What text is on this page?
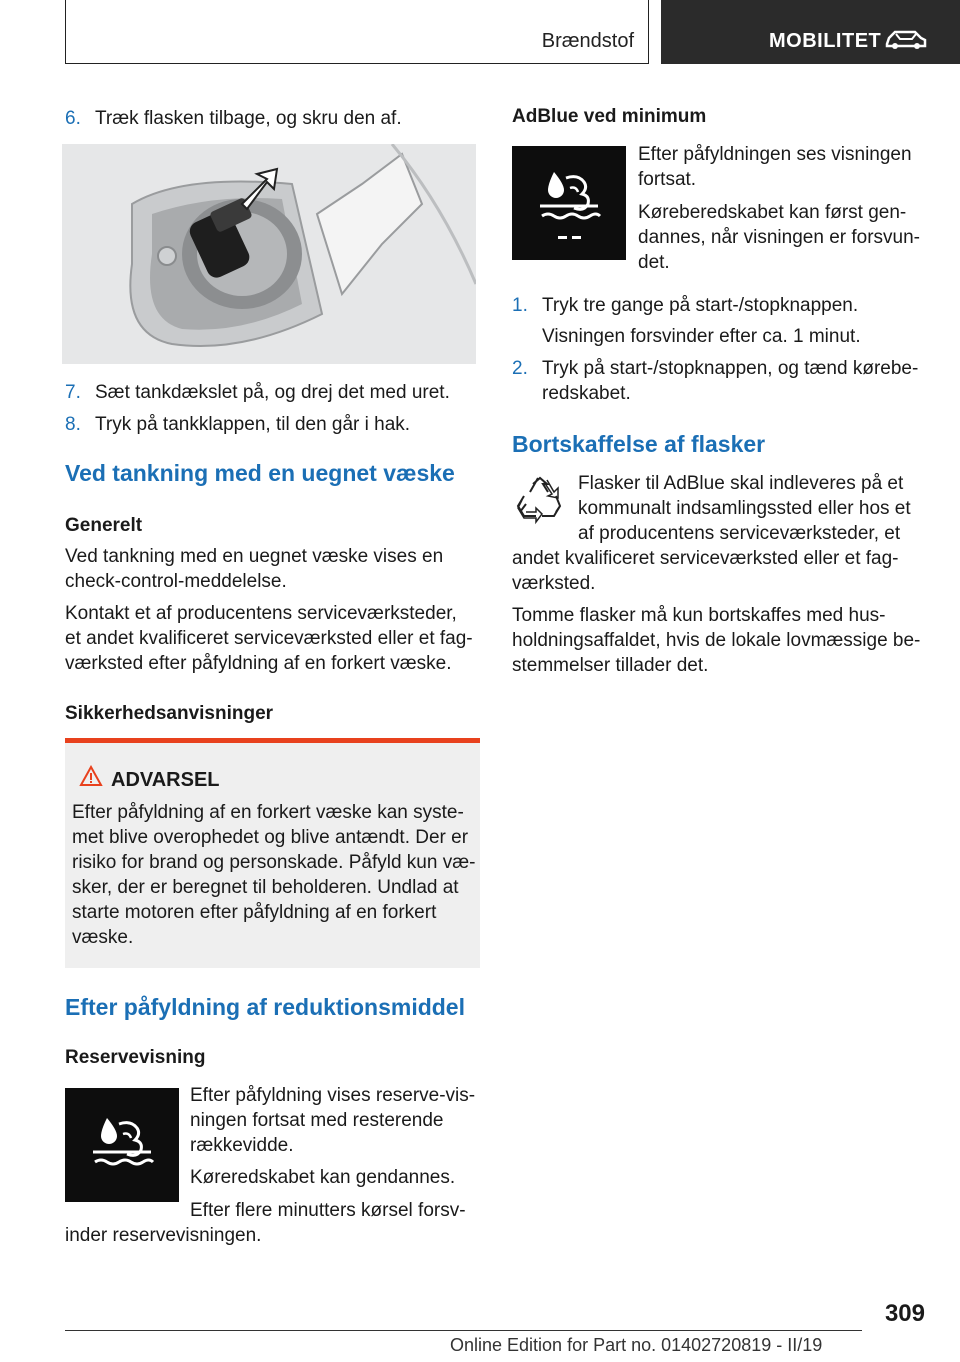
Brændstof	MOBILITET
6. Træk flasken tilbage, og skru den af.
7. Sæt tankdækslet på, og drej det med uret.
8. Tryk på tankklappen, til den går i hak.
Ved tankning med en uegnet væske
Generelt
Ved tankning med en uegnet væske vises en
check-control-meddelelse.
Kontakt et af producentens serviceværksteder,
et andet kvalificeret serviceværksted eller et fag-
værksted efter påfyldning af en forkert væske.
Sikkerhedsanvisninger
ADVARSEL
Efter påfyldning af en forkert væske kan syste-
met blive overophedet og blive antændt. Der er
risiko for brand og personskade. Påfyld kun væ-
sker, der er beregnet til beholderen. Undlad at
starte motoren efter påfyldning af en forkert
væske.
Efter påfyldning af reduktionsmiddel
Reservevisning
Efter påfyldning vises reserve-vis-
ningen fortsat med resterende
rækkevidde.
Køreredskabet kan gendannes.
Efter flere minutters kørsel forsv-
inder reservevisningen.
AdBlue ved minimum
Efter påfyldningen ses visningen
fortsat.
Køreberedskabet kan først gen-
dannes, når visningen er forsvun-
det.
1. Tryk tre gange på start-/stopknappen.
Visningen forsvinder efter ca. 1 minut.
2. Tryk på start-/stopknappen, og tænd kørebe-
redskabet.
Bortskaffelse af flasker
Flasker til AdBlue skal indleveres på et
kommunalt indsamlingssted eller hos et
af producentens serviceværksteder, et
andet kvalificeret serviceværksted eller et fag-
værksted.
Tomme flasker må kun bortskaffes med hus-
holdningsaffaldet, hvis de lokale lovmæssige be-
stemmelser tillader det.
309
Online Edition for Part no. 01402720819 - II/19
